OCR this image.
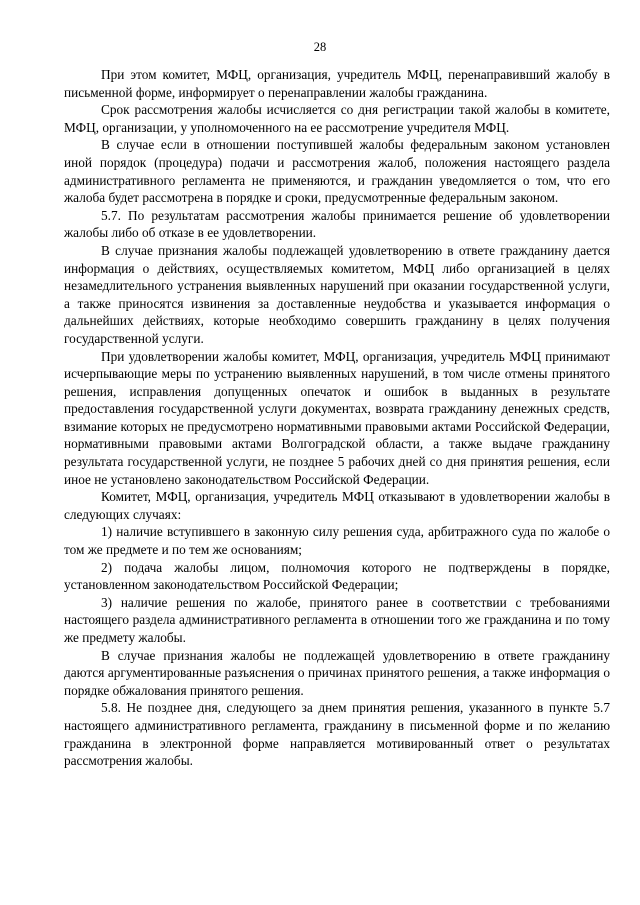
28

При этом комитет, МФЦ, организация, учредитель МФЦ, перенаправивший жалобу в письменной форме, информирует о перенаправлении жалобы гражданина.

Срок рассмотрения жалобы исчисляется со дня регистрации такой жалобы в комитете, МФЦ, организации, у уполномоченного на ее рассмотрение учредителя МФЦ.

В случае если в отношении поступившей жалобы федеральным законом установлен иной порядок (процедура) подачи и рассмотрения жалоб, положения настоящего раздела административного регламента не применяются, и гражданин уведомляется о том, что его жалоба будет рассмотрена в порядке и сроки, предусмотренные федеральным законом.

5.7. По результатам рассмотрения жалобы принимается решение об удовлетворении жалобы либо об отказе в ее удовлетворении.

В случае признания жалобы подлежащей удовлетворению в ответе гражданину дается информация о действиях, осуществляемых комитетом, МФЦ либо организацией в целях незамедлительного устранения выявленных нарушений при оказании государственной услуги, а также приносятся извинения за доставленные неудобства и указывается информация о дальнейших действиях, которые необходимо совершить гражданину в целях получения государственной услуги.

При удовлетворении жалобы комитет, МФЦ, организация, учредитель МФЦ принимают исчерпывающие меры по устранению выявленных нарушений, в том числе отмены принятого решения, исправления допущенных опечаток и ошибок в выданных в результате предоставления государственной услуги документах, возврата гражданину денежных средств, взимание которых не предусмотрено нормативными правовыми актами Российской Федерации, нормативными правовыми актами Волгоградской области, а также выдаче гражданину результата государственной услуги, не позднее 5 рабочих дней со дня принятия решения, если иное не установлено законодательством Российской Федерации.

Комитет, МФЦ, организация, учредитель МФЦ отказывают в удовлетворении жалобы в следующих случаях:

1) наличие вступившего в законную силу решения суда, арбитражного суда по жалобе о том же предмете и по тем же основаниям;

2) подача жалобы лицом, полномочия которого не подтверждены в порядке, установленном законодательством Российской Федерации;

3) наличие решения по жалобе, принятого ранее в соответствии с требованиями настоящего раздела административного регламента в отношении того же гражданина и по тому же предмету жалобы.

В случае признания жалобы не подлежащей удовлетворению в ответе гражданину даются аргументированные разъяснения о причинах принятого решения, а также информация о порядке обжалования принятого решения.

5.8. Не позднее дня, следующего за днем принятия решения, указанного в пункте 5.7 настоящего административного регламента, гражданину в письменной форме и по желанию гражданина в электронной форме направляется мотивированный ответ о результатах рассмотрения жалобы.
